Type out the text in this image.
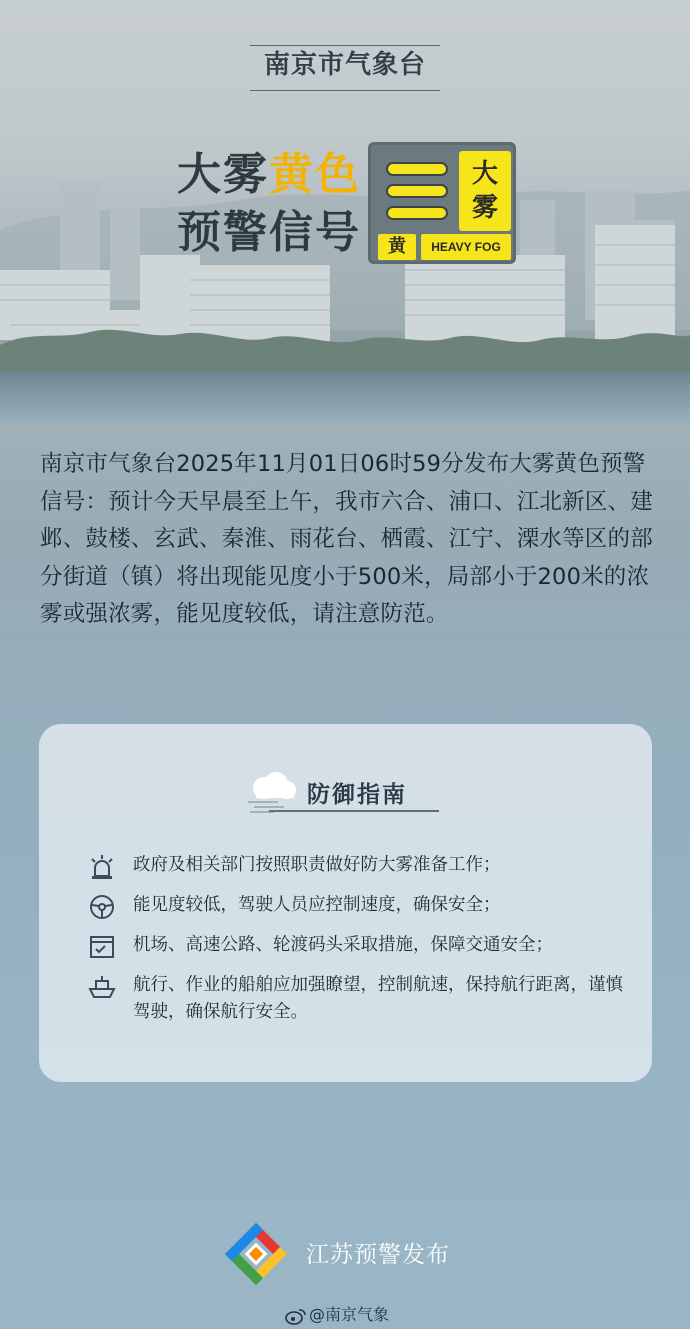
南京市气象台
大雾黄色
预警信号
大
雾
黄	HEAVY FOG
南京市气象台2025年11月01日06时59分发布大雾黄色预警信号：预计今天早晨至上午，我市六合、浦口、江北新区、建邺、鼓楼、玄武、秦淮、雨花台、栖霞、江宁、溧水等区的部分街道（镇）将出现能见度小于500米，局部小于200米的浓雾或强浓雾，能见度较低，请注意防范。
防御指南
政府及相关部门按照职责做好防大雾准备工作；
能见度较低，驾驶人员应控制速度，确保安全；
机场、高速公路、轮渡码头采取措施，保障交通安全；
航行、作业的船舶应加强瞭望，控制航速，保持航行距离，谨慎驾驶，确保航行安全。
江苏预警发布
@南京气象
